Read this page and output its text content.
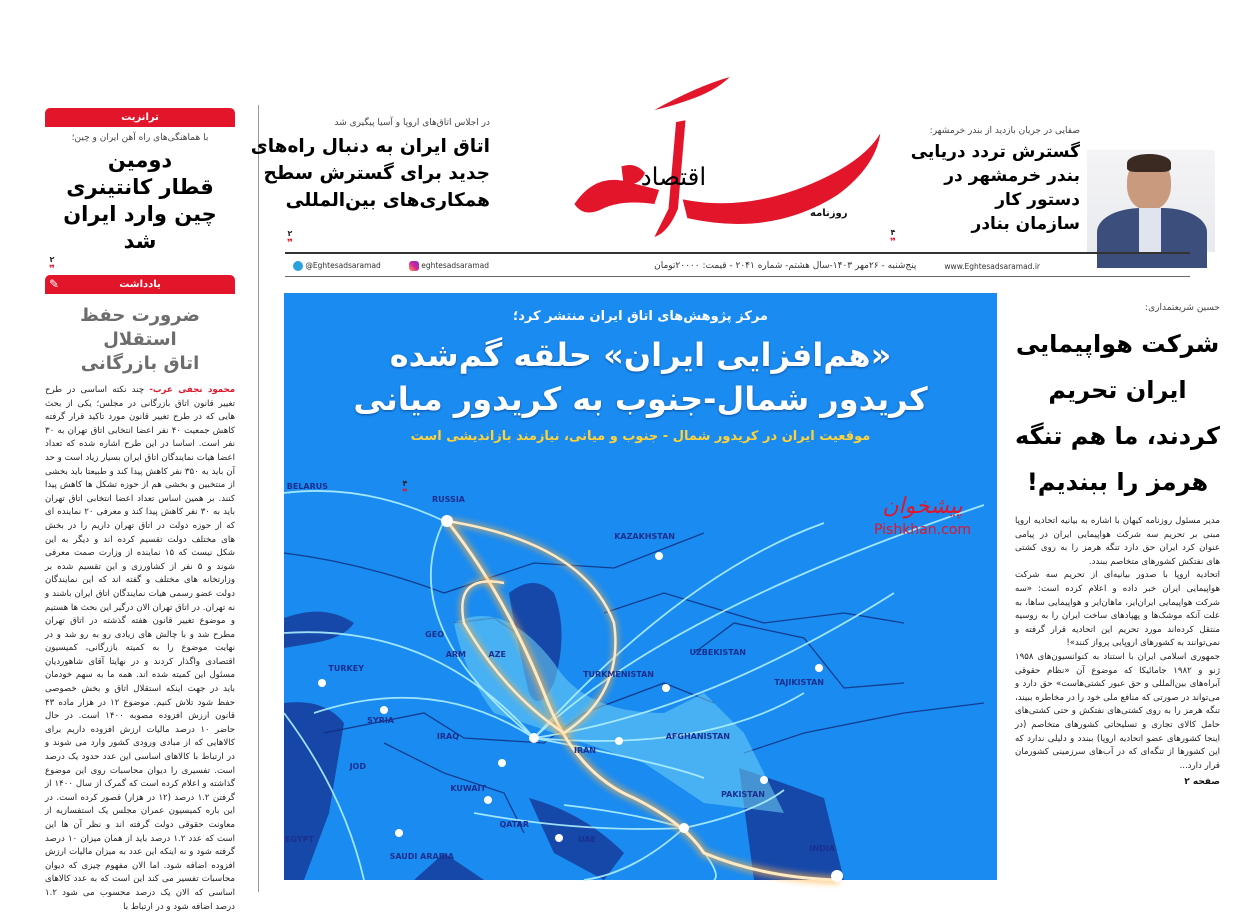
ترانزیت
با هماهنگی‌های راه آهن ایران و چین؛
دومین
قطار کانتینری
چین وارد ایران شد
۲
❞
یادداشت
✎
ضرورت حفظ استقلال
اتاق بازرگانی
محمود نجفی عرب- چند نکته اساسی در طرح تغییر قانون اتاق بازرگانی در مجلس؛ یکی از بحث هایی که در طرح تغییر قانون مورد تاکید قرار گرفته کاهش جمعیت ۴۰ نفر اعضا انتخابی اتاق تهران به ۳۰ نفر است. اساسا در این طرح اشاره شده که تعداد اعضا هیات نمایندگان اتاق ایران بسیار زیاد است و حد آن باید به ۳۵۰ نفر کاهش پیدا کند و طبیعتا باید بخشی از منتخبین و بخشی هم از حوزه تشکل ها کاهش پیدا کنند. بر همین اساس تعداد اعضا انتخابی اتاق تهران باید به ۳۰ نفر کاهش پیدا کند و معرفی ۲۰ نماینده ای که از حوزه دولت در اتاق تهران داریم را در بخش های مختلف دولت تقسیم کرده اند و دیگر به این شکل نیست که ۱۵ نماینده از وزارت صمت معرفی شوند و ۵ نفر از کشاورزی و این تقسیم شده بر وزارتخانه های مختلف و گفته اند که این نمایندگان دولت عضو رسمی هیات نمایندگان اتاق ایران باشند و نه تهران. در اتاق تهران الان درگیر این بحث ها هستیم و موضوع تغییر قانون هفته گذشته در اتاق تهران مطرح شد و با چالش های زیادی رو به رو شد و در نهایت موضوع را به کمیته بازرگانی، کمیسیون اقتصادی واگذار کردند و در نهایتا آقای شاهوردیان مسئول این کمیته شده اند. همه ما به سهم خودمان باید در جهت اینکه استقلال اتاق و بخش خصوصی حفظ شود تلاش کنیم. موضوع ۱۲ در هزار ماده ۴۳ قانون ارزش افزوده مصوبه ۱۴۰۰ است. در حال حاضر ۱۰ درصد مالیات ارزش افزوده داریم برای کالاهایی که از مبادی ورودی کشور وارد می شوند و در ارتباط با کالاهای اساسی این عدد حدود یک درصد است. تفسیری را دیوان محاسبات روی این موضوع گذاشته و اعلام کرده است که گمرک از سال ۱۴۰۰ از گرفتن ۱.۲ درصد (۱۲ در هزار) قصور کرده است. در این باره کمیسیون عمران مجلس یک استفساریه از معاونت حقوقی دولت گرفته اند و نظر آن ها این است که عدد ۱.۲ درصد باید از همان میزان ۱۰ درصد گرفته شود و نه اینکه این عدد به میزان مالیات ارزش افزوده اضافه شود. اما الان مفهوم چیزی که دیوان محاسبات تفسیر می کند این است که به عدد کالاهای اساسی که الان یک درصد محسوب می شود ۱.۲ درصد اضافه شود و در ارتباط با
در اجلاس اتاق‌های اروپا و آسیا پیگیری شد
اتاق ایران به دنبال راه‌های
جدید برای گسترش سطح
همکاری‌های بین‌المللی
۲
❞
اقتصاد
روزنامه
صفایی در جریان بازدید از بندر خرمشهر:
گسترش تردد دریایی
بندر خرمشهر در دستور کار
سازمان بنادر
۴
❞
www.Eghtesadsaramad.ir
پنج‌شنبه - ۲۶مهر ۱۴۰۳-سال هشتم- شماره ۲۰۴۱ - قیمت: ۲۰۰۰۰تومان
eghtesadsaramad
@Eghtesadsaramad
BELARUS
RUSSIA
KAZAKHSTAN
GEO
ARM	AZE
TURKEY
TURKMENISTAN
UZBEKISTAN
TAJIKISTAN
SYRIA
IRAQ
IRAN
AFGHANISTAN
JOD
KUWAIT
PAKISTAN
QATAR
UAE
EGYPT
SAUDI ARABIA
INDIA
مرکز پژوهش‌های اتاق ایران منتشر کرد؛
«هم‌افزایی ایران» حلقه گم‌شده
کریدور شمال-جنوب به کریدور میانی
موقعیت ایران در کریدور شمال - جنوب و میانی، نیازمند بازاندیشی است
۴
❞
پیشخوان
Pishkhan.com
حسین شریعتمداری:
شرکت هواپیمایی
ایران تحریم
کردند، ما هم تنگه
هرمز را ببندیم!

مدیر مسئول روزنامه کیهان با اشاره به بیانیه اتحادیه اروپا مبنی بر تحریم سه شرکت هواپیمایی ایران در پیامی عنوان کرد ایران حق دارد تنگه هرمز را به روی کشتی های نفتکش کشورهای متخاصم ببندد.

اتحادیه اروپا با صدور بیانیه‌ای از تحریم سه شرکت هواپیمایی ایران خبر داده و اعلام کرده است: «سه شرکت هواپیمایی ایران‌ایر، ماهان‌ایر و هواپیمایی ساها، به علت آنکه موشک‌ها و پهپادهای ساخت ایران را به روسیه منتقل کرده‌اند مورد تحریم این اتحادیه قرار گرفته و نمی‌توانند به کشورهای اروپایی پرواز کنند»!

جمهوری اسلامی ایران با استناد به کنوانسیون‌های ۱۹۵۸ ژنو و ۱۹۸۲ جامائیکا که موضوع آن «نظام حقوقی آبراه‌های بین‌المللی و حق عبور کشتی‌هاست» حق دارد و می‌تواند در صورتی که منافع ملی خود را در مخاطره ببیند، تنگه هرمز را به روی کشتی‌های نفتکش و حتی کشتی‌های حامل کالای تجاری و تسلیحاتی کشورهای متخاصم (در اینجا کشورهای عضو اتحادیه اروپا) ببندد و دلیلی ندارد که این کشورها از تنگه‌ای که در آب‌های سرزمینی کشورمان قرار دارد...

صفحه ۲
